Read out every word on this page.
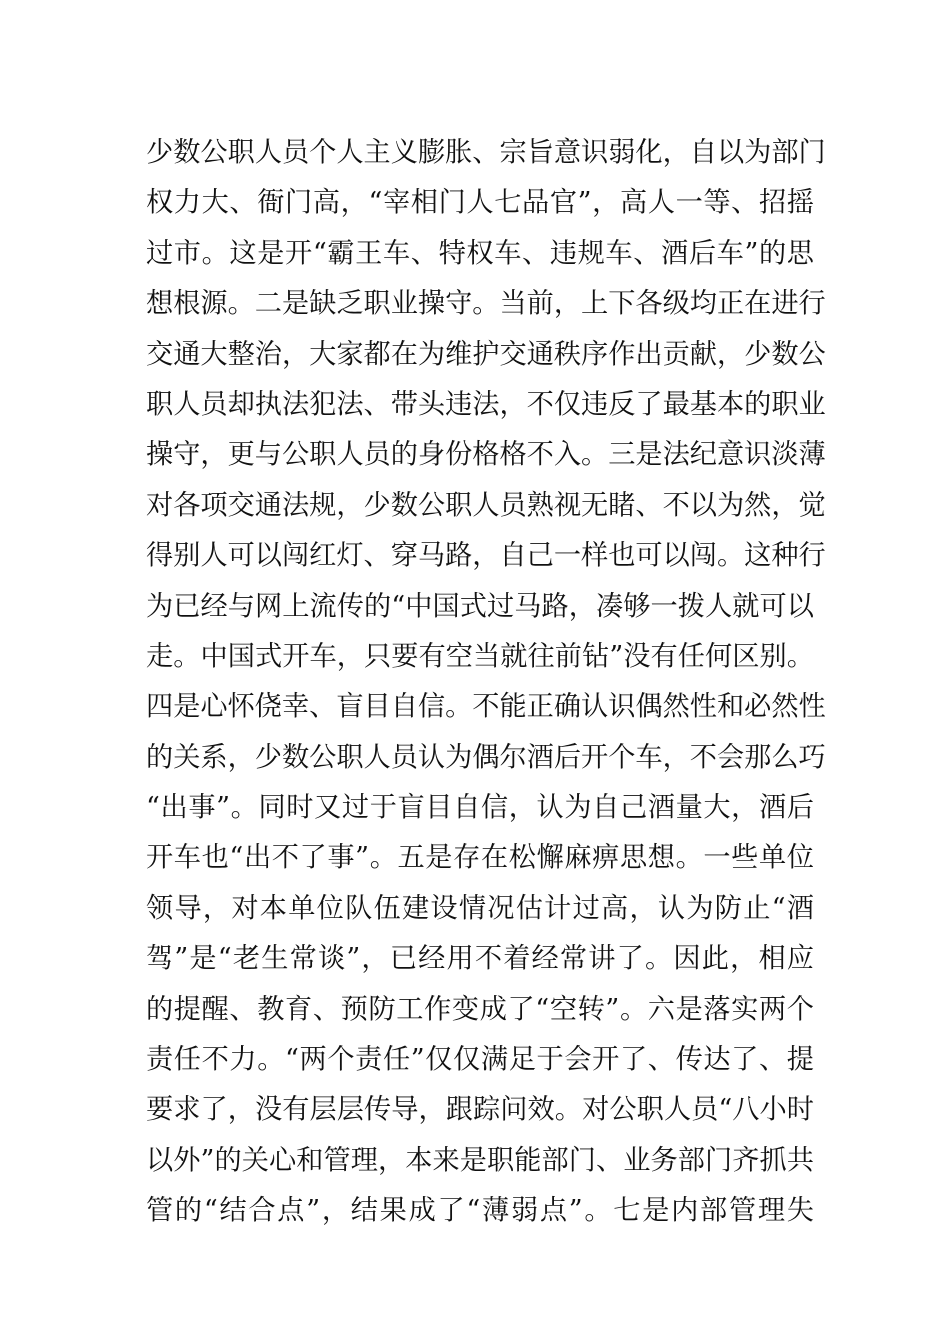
少数公职人员个人主义膨胀、宗旨意识弱化，自以为部门
权力大、衙门高，“宰相门人七品官”，高人一等、招摇
过市。这是开“霸王车、特权车、违规车、酒后车”的思
想根源。二是缺乏职业操守。当前，上下各级均正在进行
交通大整治，大家都在为维护交通秩序作出贡献，少数公
职人员却执法犯法、带头违法，不仅违反了最基本的职业
操守，更与公职人员的身份格格不入。三是法纪意识淡薄
对各项交通法规，少数公职人员熟视无睹、不以为然，觉
得别人可以闯红灯、穿马路，自己一样也可以闯。这种行
为已经与网上流传的“中国式过马路，凑够一拨人就可以
走。中国式开车，只要有空当就往前钻”没有任何区别。
四是心怀侥幸、盲目自信。不能正确认识偶然性和必然性
的关系，少数公职人员认为偶尔酒后开个车，不会那么巧
“出事”。同时又过于盲目自信，认为自己酒量大，酒后
开车也“出不了事”。五是存在松懈麻痹思想。一些单位
领导，对本单位队伍建设情况估计过高，认为防止“酒
驾”是“老生常谈”，已经用不着经常讲了。因此，相应
的提醒、教育、预防工作变成了“空转”。六是落实两个
责任不力。“两个责任”仅仅满足于会开了、传达了、提
要求了，没有层层传导，跟踪问效。对公职人员“八小时
以外”的关心和管理，本来是职能部门、业务部门齐抓共
管的“结合点”，结果成了“薄弱点”。七是内部管理失
